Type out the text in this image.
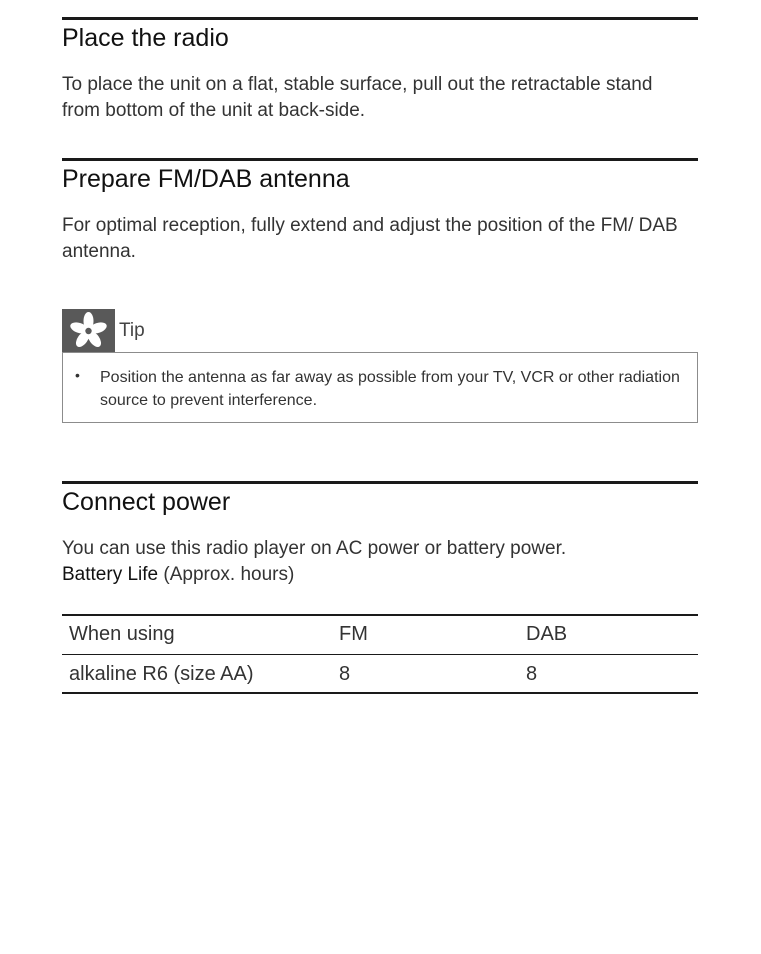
Place the radio

To place the unit on a flat, stable surface, pull out the retractable stand from bottom of the unit at back-side.

Prepare FM/DAB antenna

For optimal reception, fully extend and adjust the position of the FM/ DAB antenna.

Tip
• Position the antenna as far away as possible from your TV, VCR or other radiation source to prevent interference.
Connect power

You can use this radio player on AC power or battery power.

Battery Life (Approx. hours)

When using	FM	DAB
alkaline R6 (size AA)	8	8
